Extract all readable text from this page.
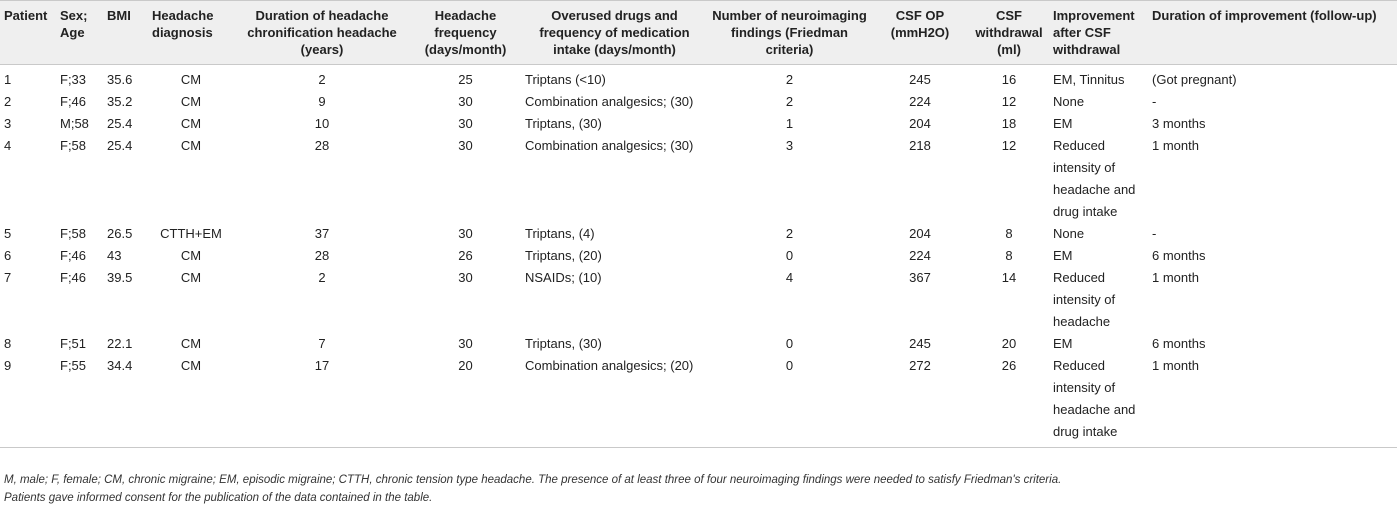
Patient	Sex; Age	BMI	Headache diagnosis	Duration of headache chronification headache (years)	Headache frequency (days/month)	Overused drugs and frequency of medication intake (days/month)	Number of neuroimaging findings (Friedman criteria)	CSF OP (mmH2O)	CSF withdrawal (ml)	Improvement after CSF withdrawal	Duration of improvement (follow-up)
1	F;33	35.6	CM	2	25	Triptans (<10)	2	245	16	EM, Tinnitus	(Got pregnant)
2	F;46	35.2	CM	9	30	Combination analgesics; (30)	2	224	12	None	-
3	M;58	25.4	CM	10	30	Triptans, (30)	1	204	18	EM	3 months
4	F;58	25.4	CM	28	30	Combination analgesics; (30)	3	218	12	Reduced intensity of headache and drug intake	1 month
5	F;58	26.5	CTTH+EM	37	30	Triptans, (4)	2	204	8	None	-
6	F;46	43	CM	28	26	Triptans, (20)	0	224	8	EM	6 months
7	F;46	39.5	CM	2	30	NSAIDs; (10)	4	367	14	Reduced intensity of headache	1 month
8	F;51	22.1	CM	7	30	Triptans, (30)	0	245	20	EM	6 months
9	F;55	34.4	CM	17	20	Combination analgesics; (20)	0	272	26	Reduced intensity of headache and drug intake	1 month
M, male; F, female; CM, chronic migraine; EM, episodic migraine; CTTH, chronic tension type headache. The presence of at least three of four neuroimaging findings were needed to satisfy Friedman's criteria.
Patients gave informed consent for the publication of the data contained in the table.
